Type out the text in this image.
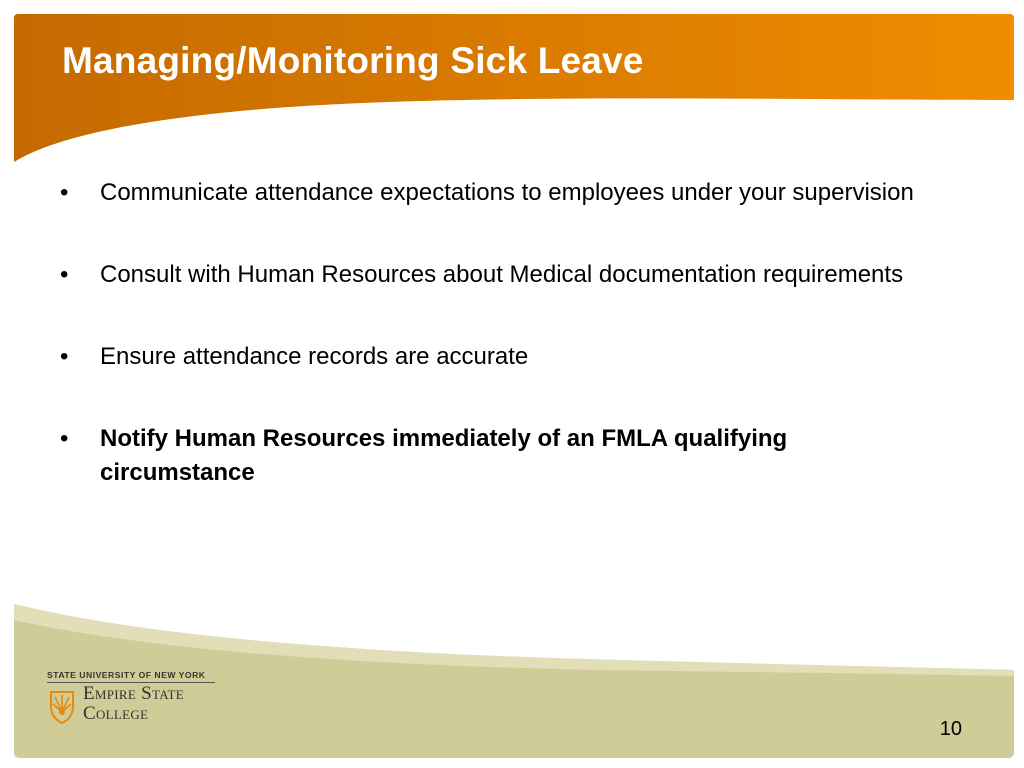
Managing/Monitoring Sick Leave
• Communicate attendance expectations to employees under your supervision
• Consult with Human Resources about Medical documentation requirements
• Ensure attendance records are accurate
• Notify Human Resources immediately of an FMLA qualifying circumstance
STATE UNIVERSITY OF NEW YORK
Empire State
College
10
